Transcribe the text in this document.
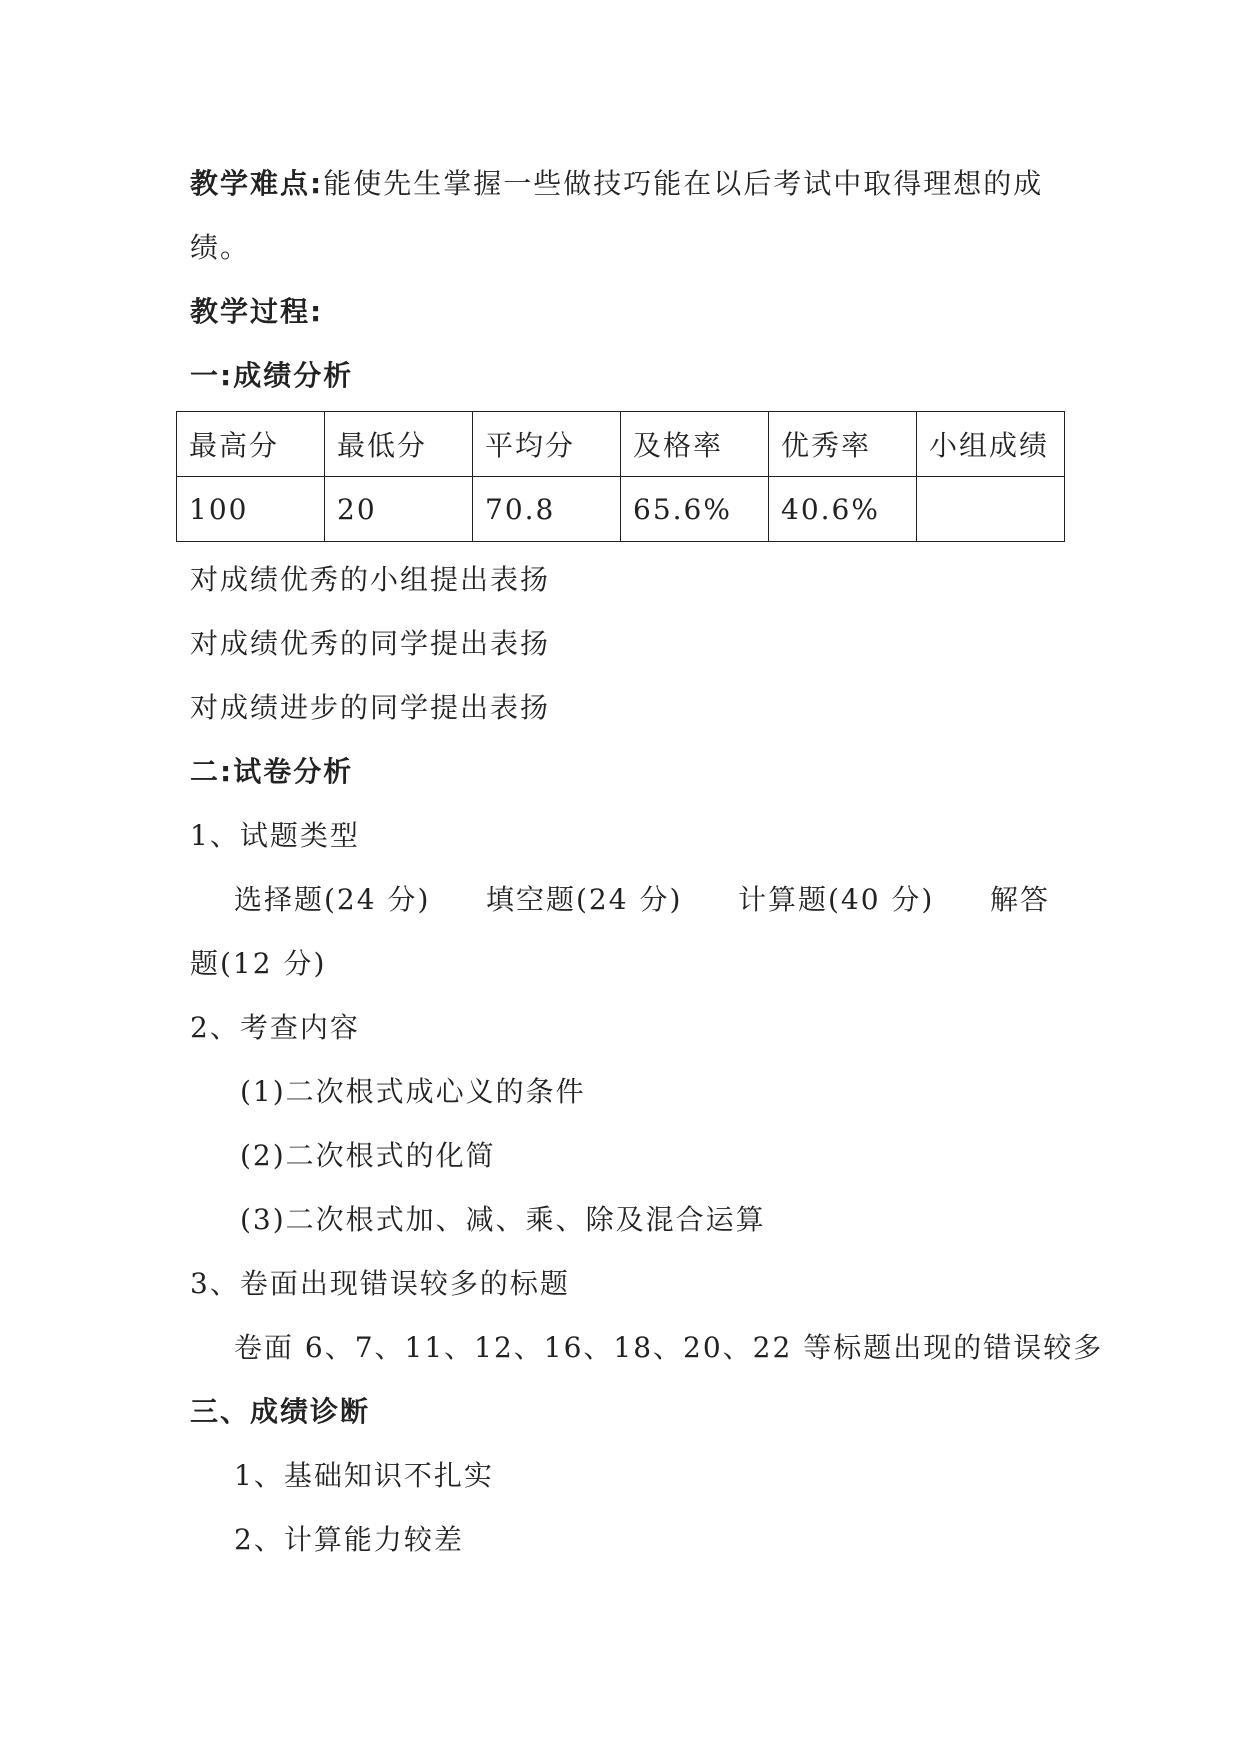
教学难点:能使先生掌握一些做技巧能在以后考试中取得理想的成
绩。
教学过程:
一:成绩分析
最高分	最低分	平均分	及格率	优秀率	小组成绩
100	20	70.8	65.6%	40.6%	
对成绩优秀的小组提出表扬
对成绩优秀的同学提出表扬
对成绩进步的同学提出表扬
二:试卷分析
1、试题类型
选择题(24 分) 填空题(24 分) 计算题(40 分) 解答
题(12 分)
2、考查内容
(1)二次根式成心义的条件
(2)二次根式的化简
(3)二次根式加、减、乘、除及混合运算
3、卷面出现错误较多的标题
卷面 6、7、11、12、16、18、20、22 等标题出现的错误较多
三、成绩诊断
1、基础知识不扎实
2、计算能力较差
